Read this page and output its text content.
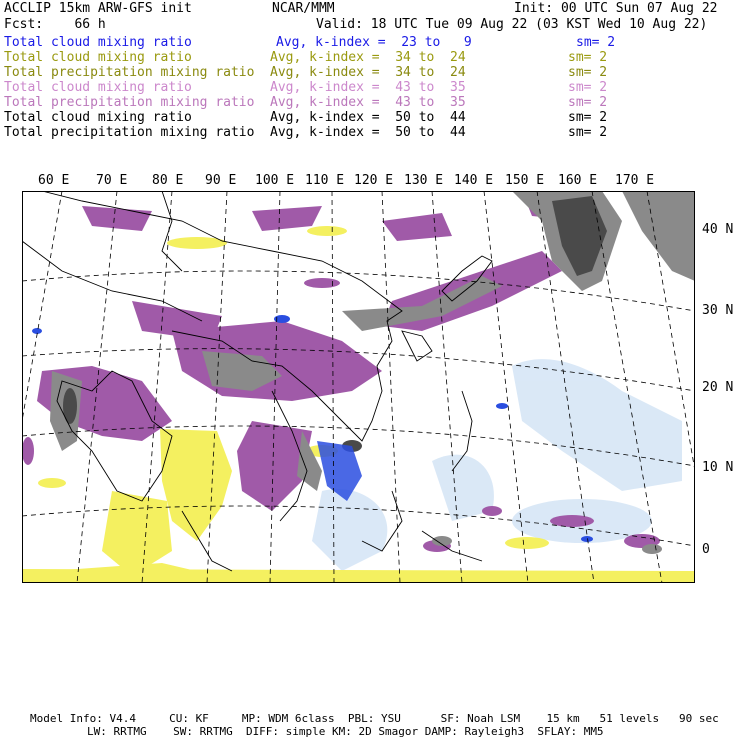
ACCLIP 15km ARW-GFS init	NCAR/MMM	Init: 00 UTC Sun 07 Aug 22
Fcst:    66 h	Valid: 18 UTC Tue 09 Aug 22 (03 KST Wed 10 Aug 22)
Total cloud mixing ratio	Avg, k-index =  23 to   9	sm= 2
Total cloud mixing ratio	Avg, k-index =  34 to  24	sm= 2
Total precipitation mixing ratio Avg, k-index =  34 to  24	sm= 2
Total cloud mixing ratio	Avg, k-index =  43 to  35	sm= 2
Total precipitation mixing ratio Avg, k-index =  43 to  35	sm= 2
Total cloud mixing ratio	Avg, k-index =  50 to  44	sm= 2
Total precipitation mixing ratio Avg, k-index =  50 to  44	sm= 2
60 E 70 E 80 E 90 E 100 E 110 E 120 E 130 E 140 E 150 E 160 E 170 E
40 N
30 N
20 N
10 N
0
Model Info: V4.4     CU: KF     MP: WDM 6class  PBL: YSU      SF: Noah LSM    15 km   51 levels   90 sec
LW: RRTMG    SW: RRTMG  DIFF: simple KM: 2D Smagor DAMP: Rayleigh3  SFLAY: MM5
